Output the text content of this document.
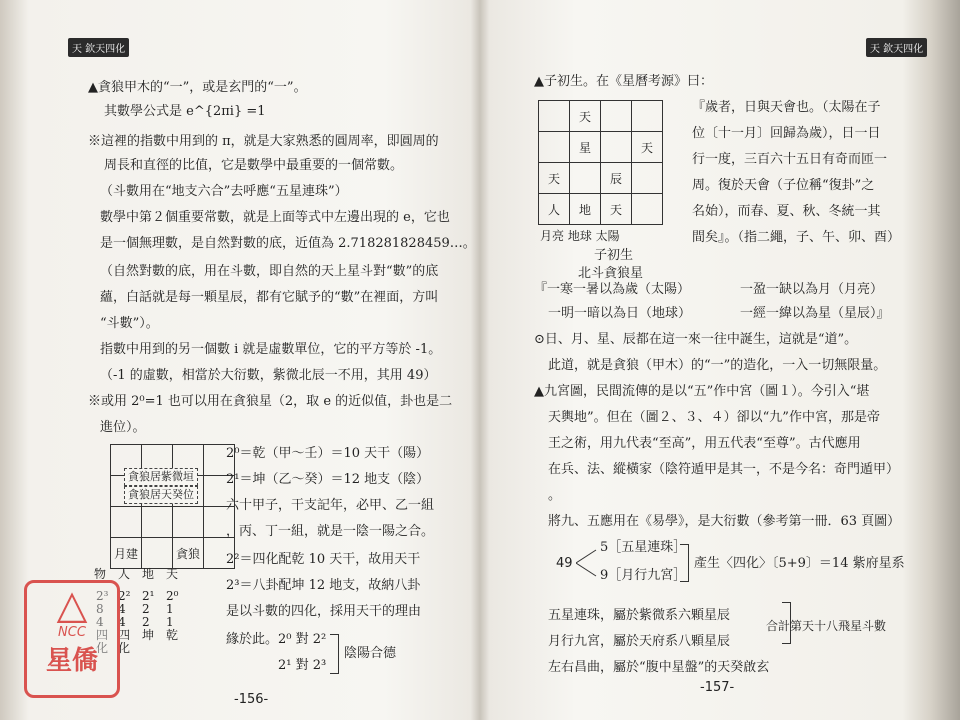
天 欽天四化
▲貪狼甲木的“一”，或是玄門的“一”。
其數學公式是 e^{2πi} =1
※這裡的指數中用到的 π，就是大家熟悉的圓周率，即圓周的
周長和直徑的比值，它是數學中最重要的一個常數。
（斗數用在“地支六合”去呼應“五星連珠”）
數學中第２個重要常數，就是上面等式中左邊出現的 e，它也
是一個無理數，是自然對數的底，近值為 2.718281828459…。
（自然對數的底，用在斗數，即自然的天上星斗對“數”的底
蘊，白話就是每一顆星辰，都有它賦予的“數”在裡面，方叫
“斗數”）。
指數中用到的另一個數 i 就是虛數單位，它的平方等於 -1。
（-1 的虛數，相當於大衍數，紫微北辰一不用，其用 49）
※或用 2⁰=1 也可以用在貪狼星（2，取 e 的近似值，卦也是二
進位）。

月建		貪狼	
貪狼居紫微垣
貪狼居天癸位
物 人 地 天
2³ 8 4 四化
2² 4 4 四化
2¹ 2 2 坤
2⁰ 1 1 乾
2⁰＝乾（甲～壬）＝10 天干（陽）
2¹＝坤（乙～癸）＝12 地支（陰）
六十甲子，干支記年，必甲、乙一組
，丙、丁一組，就是一陰一陽之合。
2²＝四化配乾 10 天干，故用天干
2³＝八卦配坤 12 地支，故納八卦
是以斗數的四化，採用天干的理由
緣於此。2⁰ 對 2²
2¹ 對 2³
陰陽合德
-156-
天 欽天四化
▲子初生。在《星曆考源》曰：
	天		
	星		天
天		辰	
人	地	天	
月亮 地球 太陽
子初生
北斗貪狼星
『歲者，日與天會也。（太陽在子
位〔十一月〕回歸為歲），日一日
行一度，三百六十五日有奇而匝一
周。復於天會（子位稱“復卦”之
名始），而春、夏、秋、冬統一其
間矣』。（指二繩，子、午、卯、酉）
『一寒一暑以為歲（太陽）	一盈一缺以為月（月亮）
一明一暗以為日（地球）	一經一緯以為星（星辰）』
⊙日、月、星、辰都在這一來一往中誕生，這就是“道”。
此道，就是貪狼（甲木）的“一”的造化，一入一切無限量。
▲九宮圖，民間流傳的是以“五”作中宮（圖１）。今引入“堪
天輿地”。但在（圖２、３、４）卻以“九”作中宮，那是帝
王之術，用九代表“至高”，用五代表“至尊”。古代應用
在兵、法、縱橫家（陰符遁甲是其一，不是今名：奇門遁甲）
。
將九、五應用在《易學》，是大衍數（參考第一冊．63 頁圖）
49
5［五星連珠］
9［月行九宮］
產生〈四化〉〔5+9〕＝14 紫府星系
五星連珠，屬於紫微系六顆星辰
月行九宮，屬於天府系八顆星辰
左右昌曲，屬於“腹中星盤”的天癸啟玄
合計第天十八飛星斗數
-157-
△
NCC
星僑
